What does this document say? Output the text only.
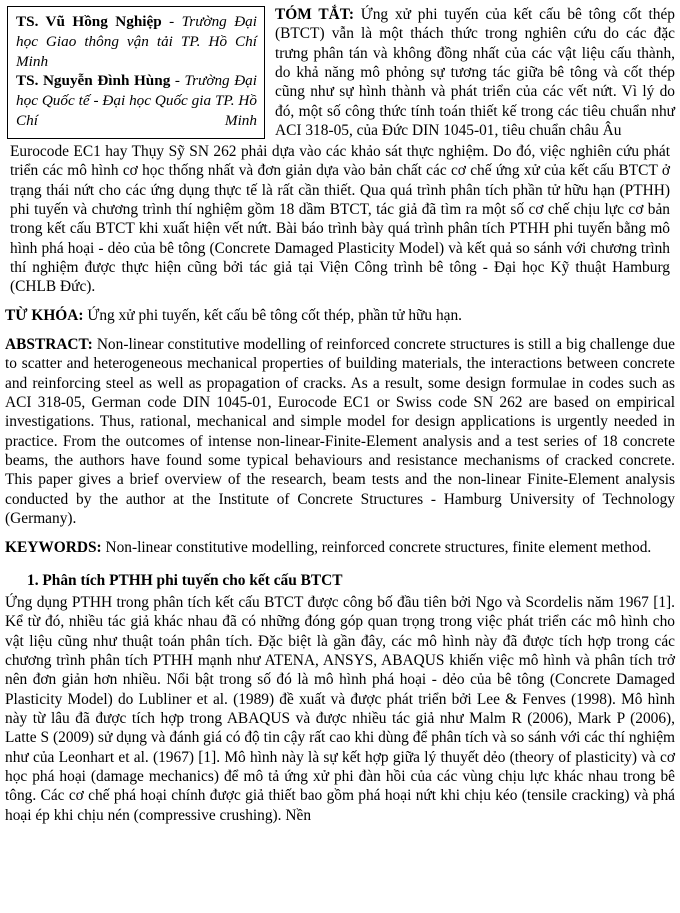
TS. Vũ Hồng Nghiệp - Trường Đại học Giao thông vận tải TP. Hồ Chí Minh

TS. Nguyễn Đình Hùng - Trường Đại học Quốc tế - Đại học Quốc gia TP. Hồ Chí Minh

TÓM TẮT: Ứng xử phi tuyến của kết cấu bê tông cốt thép (BTCT) vẫn là một thách thức trong nghiên cứu do các đặc trưng phân tán và không đồng nhất của các vật liệu cấu thành, do khả năng mô phỏng sự tương tác giữa bê tông và cốt thép cũng như sự hình thành và phát triển của các vết nứt. Vì lý do đó, một số công thức tính toán thiết kế trong các tiêu chuẩn như ACI 318-05, của Đức DIN 1045-01, tiêu chuẩn châu Âu

Eurocode EC1 hay Thụy Sỹ SN 262 phải dựa vào các khảo sát thực nghiệm. Do đó, việc nghiên cứu phát triển các mô hình cơ học thống nhất và đơn giản dựa vào bản chất các cơ chế ứng xử của kết cấu BTCT ở trạng thái nứt cho các ứng dụng thực tế là rất cần thiết. Qua quá trình phân tích phần tử hữu hạn (PTHH) phi tuyến và chương trình thí nghiệm gồm 18 dầm BTCT, tác giả đã tìm ra một số cơ chế chịu lực cơ bản trong kết cấu BTCT khi xuất hiện vết nứt. Bài báo trình bày quá trình phân tích PTHH phi tuyến bằng mô hình phá hoại - dẻo của bê tông (Concrete Damaged Plasticity Model) và kết quả so sánh với chương trình thí nghiệm được thực hiện cũng bởi tác giả tại Viện Công trình bê tông - Đại học Kỹ thuật Hamburg (CHLB Đức).

TỪ KHÓA: Ứng xử phi tuyến, kết cấu bê tông cốt thép, phần tử hữu hạn.

ABSTRACT: Non-linear constitutive modelling of reinforced concrete structures is still a big challenge due to scatter and heterogeneous mechanical properties of building materials, the interactions between concrete and reinforcing steel as well as propagation of cracks. As a result, some design formulae in codes such as ACI 318-05, German code DIN 1045-01, Eurocode EC1 or Swiss code SN 262 are based on empirical investigations. Thus, rational, mechanical and simple model for design applications is urgently needed in practice. From the outcomes of intense non-linear-Finite-Element analysis and a test series of 18 concrete beams, the authors have found some typical behaviours and resistance mechanisms of cracked concrete. This paper gives a brief overview of the research, beam tests and the non-linear Finite-Element analysis conducted by the author at the Institute of Concrete Structures - Hamburg University of Technology (Germany).

KEYWORDS: Non-linear constitutive modelling, reinforced concrete structures, finite element method.

1. Phân tích PTHH phi tuyến cho kết cấu BTCT

Ứng dụng PTHH trong phân tích kết cấu BTCT được công bố đầu tiên bởi Ngo và Scordelis năm 1967 [1]. Kể từ đó, nhiều tác giả khác nhau đã có những đóng góp quan trọng trong việc phát triển các mô hình cho vật liệu cũng như thuật toán phân tích. Đặc biệt là gần đây, các mô hình này đã được tích hợp trong các chương trình phân tích PTHH mạnh như ATENA, ANSYS, ABAQUS khiến việc mô hình và phân tích trở nên đơn giản hơn nhiều. Nổi bật trong số đó là mô hình phá hoại - dẻo của bê tông (Concrete Damaged Plasticity Model) do Lubliner et al. (1989) đề xuất và được phát triển bởi Lee & Fenves (1998). Mô hình này từ lâu đã được tích hợp trong ABAQUS và được nhiều tác giả như Malm R (2006), Mark P (2006), Latte S (2009) sử dụng và đánh giá có độ tin cậy rất cao khi dùng để phân tích và so sánh với các thí nghiệm như của Leonhart et al. (1967) [1]. Mô hình này là sự kết hợp giữa lý thuyết dẻo (theory of plasticity) và cơ học phá hoại (damage mechanics) để mô tả ứng xử phi đàn hồi của các vùng chịu lực khác nhau trong bê tông. Các cơ chế phá hoại chính được giả thiết bao gồm phá hoại nứt khi chịu kéo (tensile cracking) và phá hoại ép khi chịu nén (compressive crushing). Nền
